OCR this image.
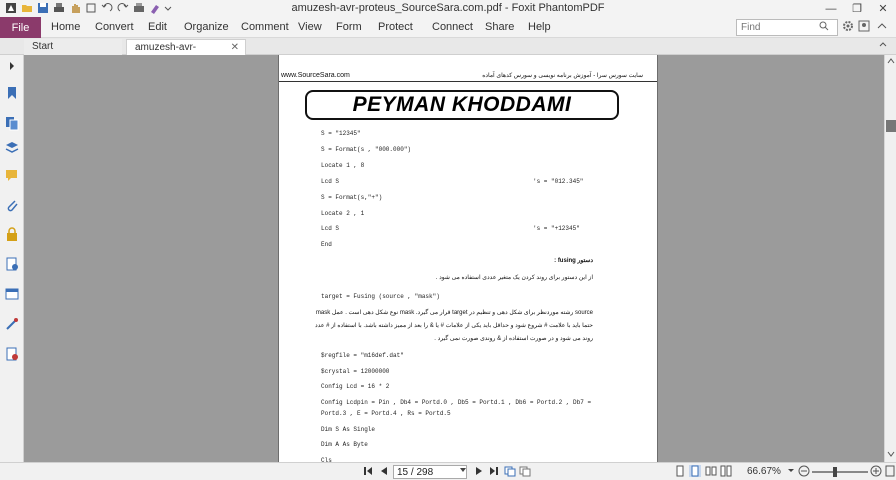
amuzesh-avr-proteus_SourceSara.com.pdf - Foxit PhantomPDF	—	❐	✕
File	Home Convert Edit Organize Comment View Form Protect Connect Share Help
Find
Start	amuzesh-avr-	✕
www.SourceSara.com	سایت سورس سرا - آموزش برنامه نویسی و سورس کدهای آماده
PEYMAN KHODDAMI
S = "12345"
S = Format(s , "000.000")
Locate 1 , 8
Lcd S	's = "012.345"
S = Format(s,"+")
Locate 2 , 1
Lcd S	's = "+12345"
End
دستور fusing :
از این دستور برای روند کردن یک متغیر عددی استفاده می شود .
target = Fusing (source , "mask")
source رشته موردنظر برای شکل دهی و تنظیم در target قرار می گیرد. mask نوع شکل دهی است . عمل mask
حتما باید با علامت # شروع شود و حداقل باید یکی از علامات # یا & را بعد از ممیز داشته باشد. با استفاده از # عدد
روند می شود و در صورت استفاده از & روندی صورت نمی گیرد .
$regfile = "m16def.dat"
$crystal = 12000000
Config Lcd = 16 * 2
Config Lcdpin = Pin , Db4 = Portd.0 , Db5 = Portd.1 , Db6 = Portd.2 , Db7 =
Portd.3 , E = Portd.4 , Rs = Portd.5
Dim S As Single
Dim A As Byte
Cls
15 / 298
66.67%
